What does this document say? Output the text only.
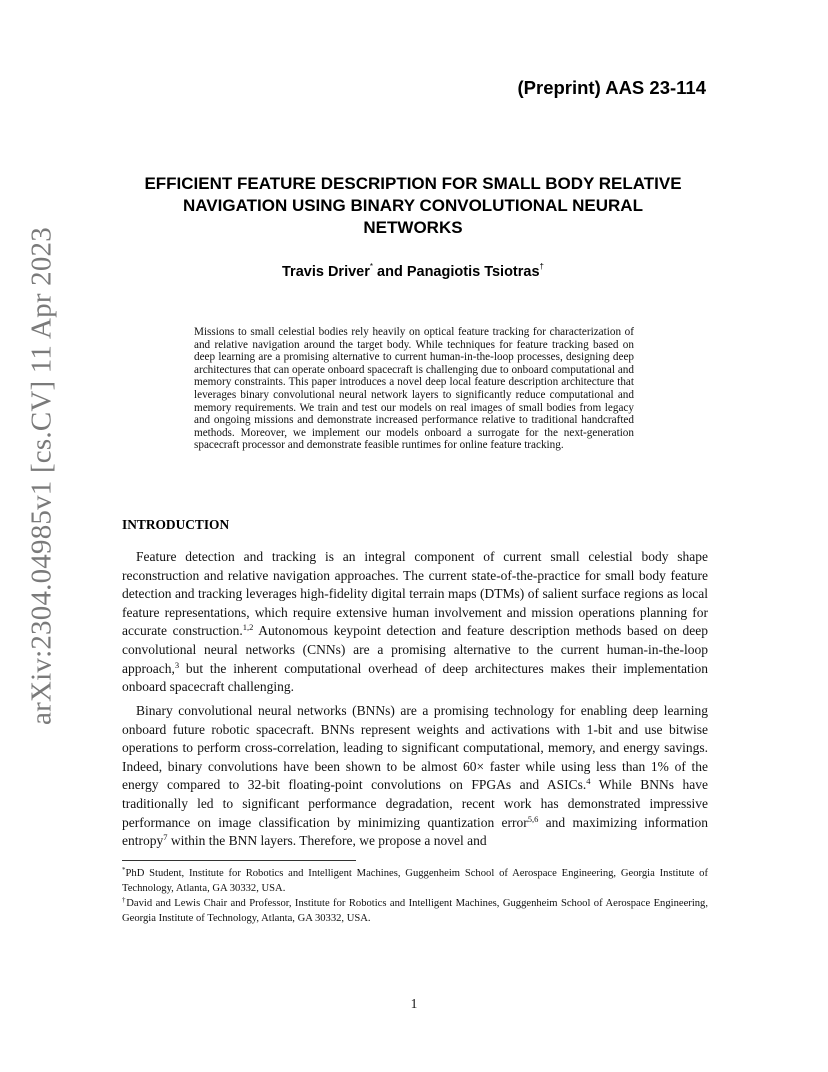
arXiv:2304.04985v1 [cs.CV] 11 Apr 2023
(Preprint) AAS 23-114
EFFICIENT FEATURE DESCRIPTION FOR SMALL BODY RELATIVE NAVIGATION USING BINARY CONVOLUTIONAL NEURAL NETWORKS
Travis Driver* and Panagiotis Tsiotras†

Missions to small celestial bodies rely heavily on optical feature tracking for characterization of and relative navigation around the target body. While techniques for feature tracking based on deep learning are a promising alternative to current human-in-the-loop processes, designing deep architectures that can operate onboard spacecraft is challenging due to onboard computational and memory constraints. This paper introduces a novel deep local feature description architecture that leverages binary convolutional neural network layers to significantly reduce computational and memory requirements. We train and test our models on real images of small bodies from legacy and ongoing missions and demonstrate increased performance relative to traditional handcrafted methods. Moreover, we implement our models onboard a surrogate for the next-generation spacecraft processor and demonstrate feasible runtimes for online feature tracking.

INTRODUCTION

Feature detection and tracking is an integral component of current small celestial body shape reconstruction and relative navigation approaches. The current state-of-the-practice for small body feature detection and tracking leverages high-fidelity digital terrain maps (DTMs) of salient surface regions as local feature representations, which require extensive human involvement and mission operations planning for accurate construction.$^{1,2}$ Autonomous keypoint detection and feature description methods based on deep convolutional neural networks (CNNs) are a promising alternative to the current human-in-the-loop approach,$^3$ but the inherent computational overhead of deep architectures makes their implementation onboard spacecraft challenging.

Binary convolutional neural networks (BNNs) are a promising technology for enabling deep learning onboard future robotic spacecraft. BNNs represent weights and activations with 1-bit and use bitwise operations to perform cross-correlation, leading to significant computational, memory, and energy savings. Indeed, binary convolutions have been shown to be almost 60× faster while using less than 1% of the energy compared to 32-bit floating-point convolutions on FPGAs and ASICs.$^4$ While BNNs have traditionally led to significant performance degradation, recent work has demonstrated impressive performance on image classification by minimizing quantization error$^{5,6}$ and maximizing information entropy$^7$ within the BNN layers. Therefore, we propose a novel and

*PhD Student, Institute for Robotics and Intelligent Machines, Guggenheim School of Aerospace Engineering, Georgia Institute of Technology, Atlanta, GA 30332, USA.

†David and Lewis Chair and Professor, Institute for Robotics and Intelligent Machines, Guggenheim School of Aerospace Engineering, Georgia Institute of Technology, Atlanta, GA 30332, USA.

1
